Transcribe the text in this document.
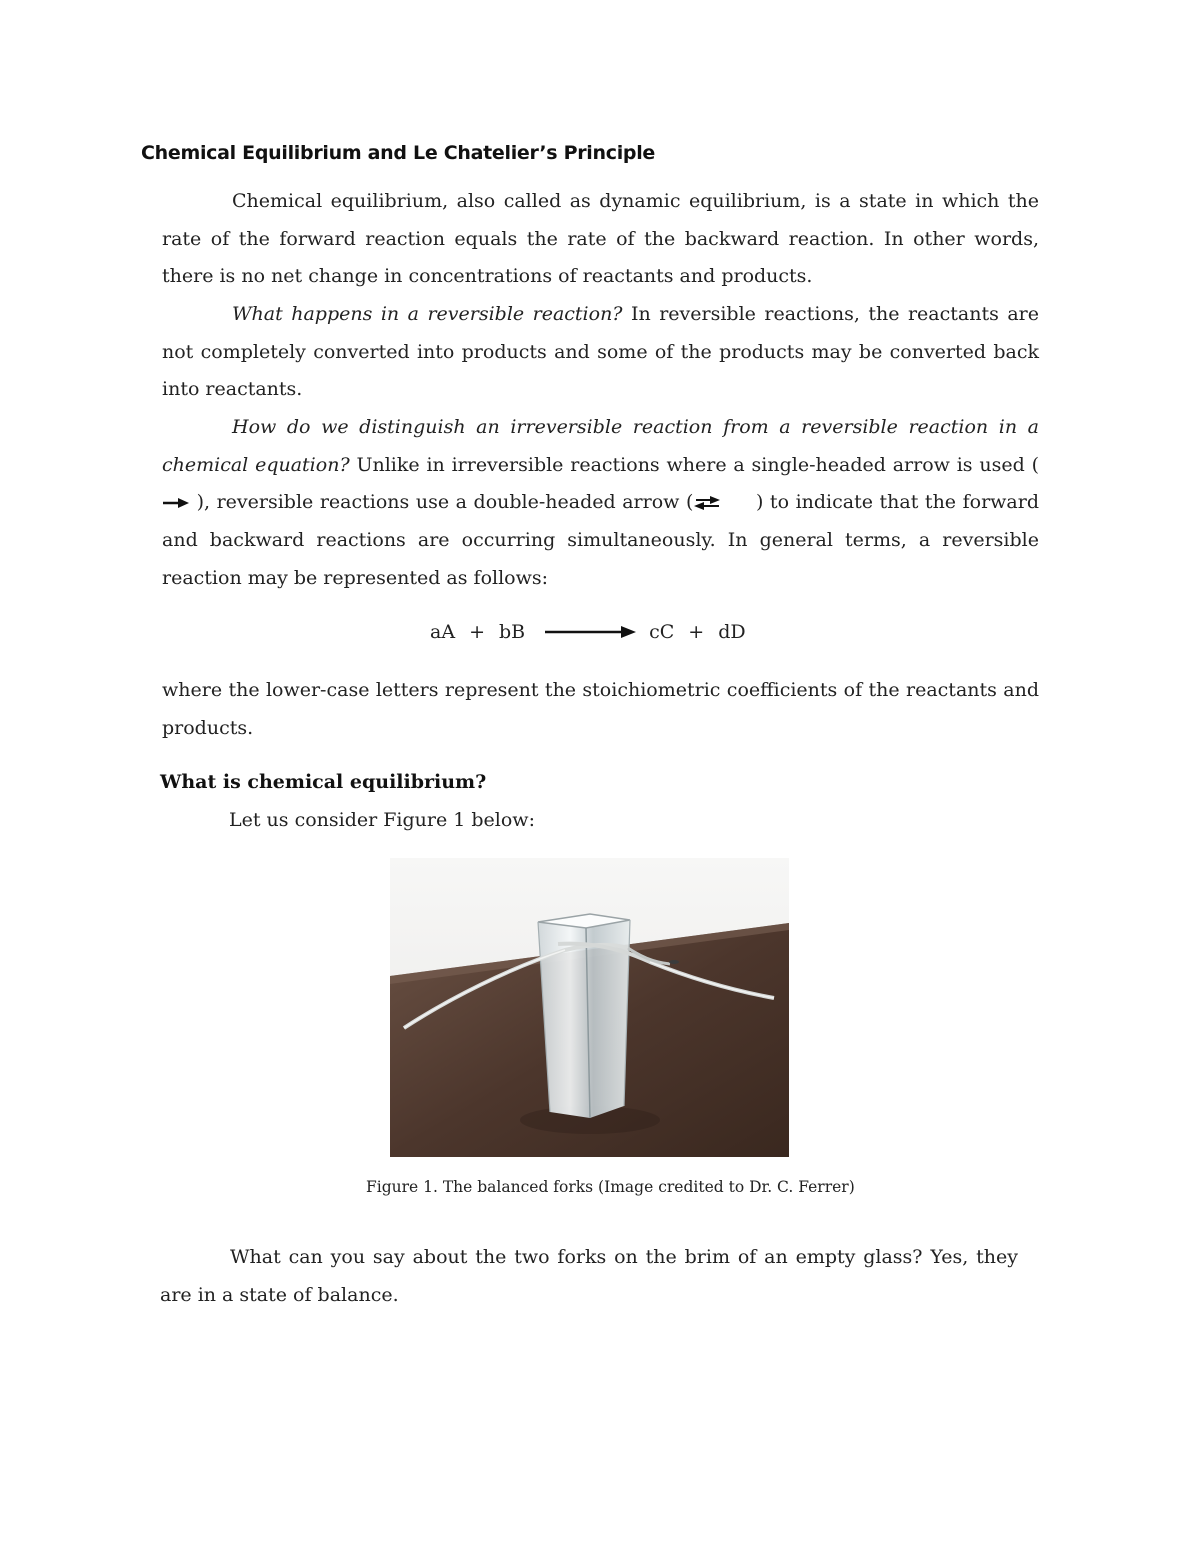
Chemical Equilibrium and Le Chatelier’s Principle

Chemical equilibrium, also called as dynamic equilibrium, is a state in which the rate of the forward reaction equals the rate of the backward reaction. In other words, there is no net change in concentrations of reactants and products.

What happens in a reversible reaction? In reversible reactions, the reactants are not completely converted into products and some of the products may be converted back into reactants.

How do we distinguish an irreversible reaction from a reversible reaction in a chemical equation? Unlike in irreversible reactions where a single-headed arrow is used ( ), reversible reactions use a double-headed arrow (	) to indicate that the forward and backward reactions are occurring simultaneously. In general terms, a reversible reaction may be represented as follows:

aA + bB	cC + dD

where the lower-case letters represent the stoichiometric coefficients of the reactants and products.

What is chemical equilibrium?
Let us consider Figure 1 below:
Figure 1. The balanced forks (Image credited to Dr. C. Ferrer)

What can you say about the two forks on the brim of an empty glass? Yes, they are in a state of balance.
